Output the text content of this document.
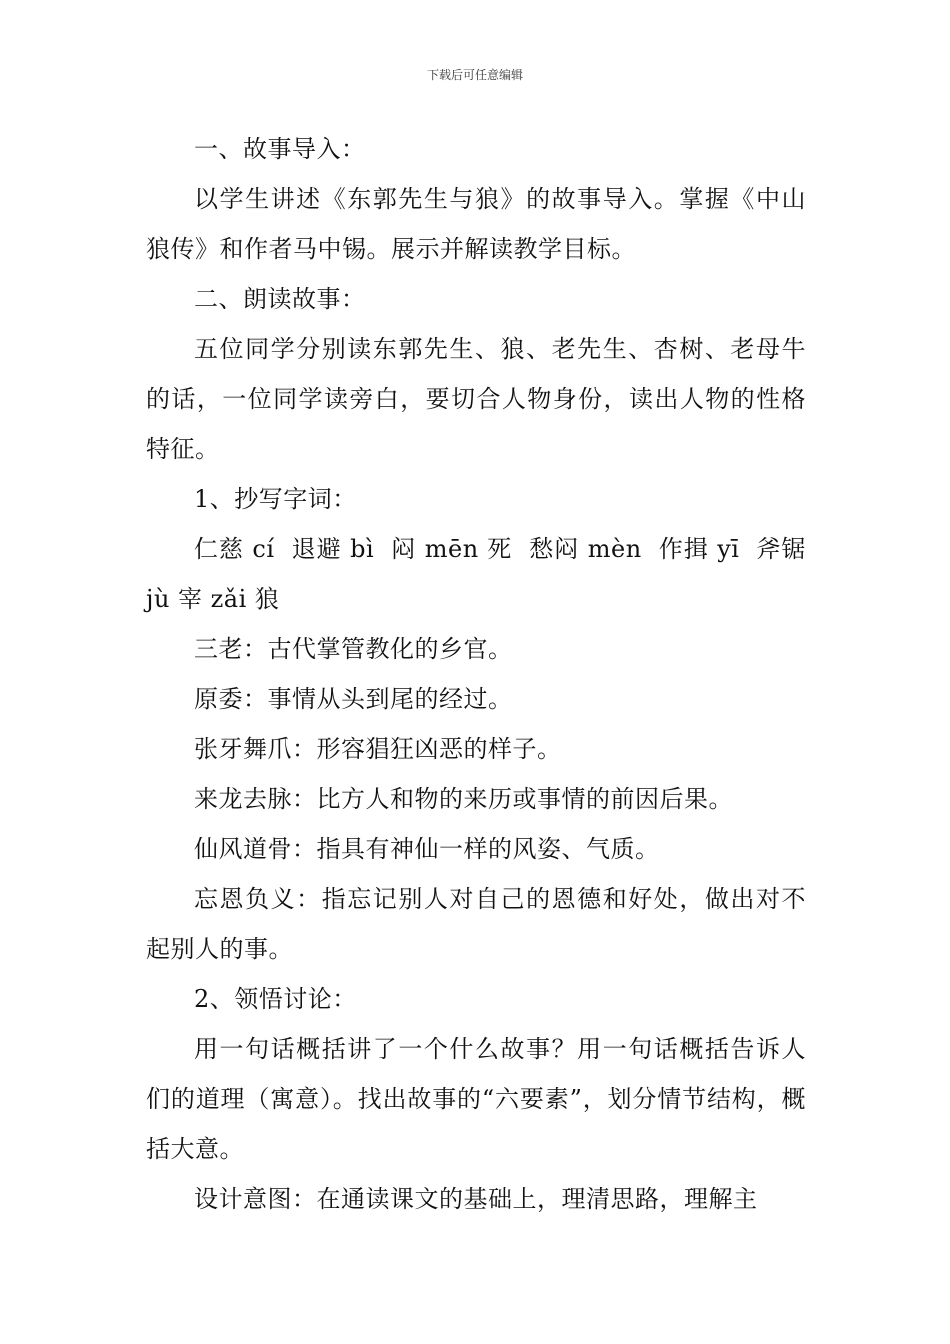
下载后可任意编辑

一、故事导入：

以学生讲述《东郭先生与狼》的故事导入。掌握《中山狼传》和作者马中锡。展示并解读教学目标。

二、朗读故事：

五位同学分别读东郭先生、狼、老先生、杏树、老母牛的话，一位同学读旁白，要切合人物身份，读出人物的性格特征。

1、抄写字词：

仁慈 cí  退避 bì  闷 mēn 死  愁闷 mèn  作揖 yī  斧锯 jù 宰 zǎi 狼

三老：古代掌管教化的乡官。

原委：事情从头到尾的经过。

张牙舞爪：形容猖狂凶恶的样子。

来龙去脉：比方人和物的来历或事情的前因后果。

仙风道骨：指具有神仙一样的风姿、气质。

忘恩负义：指忘记别人对自己的恩德和好处，做出对不起别人的事。

2、领悟讨论：

用一句话概括讲了一个什么故事？用一句话概括告诉人们的道理（寓意）。找出故事的“六要素”，划分情节结构，概括大意。

设计意图：在通读课文的基础上，理清思路，理解主
